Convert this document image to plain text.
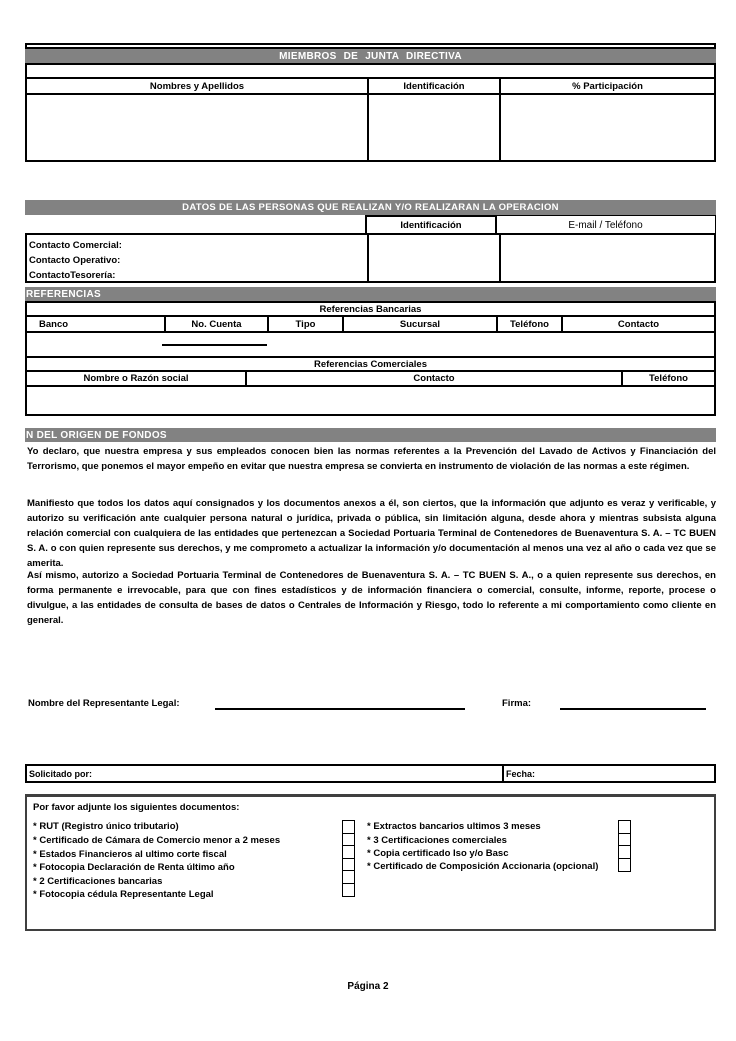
MIEMBROS DE JUNTA DIRECTIVA
Nombres y Apellidos	Identificación	% Participación
DATOS DE LAS PERSONAS QUE REALIZAN Y/O REALIZARAN LA OPERACION
Identificación	E-mail / Teléfono
Contacto Comercial:
Contacto Operativo:
ContactoTesorería:
REFERENCIAS
Referencias Bancarias
Banco	No. Cuenta	Tipo	Sucursal	Teléfono	Contacto
Referencias Comerciales
Nombre o Razón social	Contacto	Teléfono
N DEL ORIGEN DE FONDOS
Yo declaro, que nuestra empresa y sus empleados conocen bien las normas referentes a la Prevención del Lavado de Activos y Financiación del Terrorismo, que ponemos el mayor empeño en evitar que nuestra empresa se convierta en instrumento de violación de las normas a este régimen.
Manifiesto que todos los datos aquí consignados y los documentos anexos a él, son ciertos, que la información que adjunto es veraz y verificable, y autorizo su verificación ante cualquier persona natural o jurídica, privada o pública, sin limitación alguna, desde ahora y mientras subsista alguna relación comercial con cualquiera de las entidades que pertenezcan a Sociedad Portuaria Terminal de Contenedores de Buenaventura S. A. – TC BUEN S. A. o con quien represente sus derechos, y me comprometo a actualizar la información y/o documentación al menos una vez al año o cada vez que se amerita.
Así mismo, autorizo a Sociedad Portuaria Terminal de Contenedores de Buenaventura S. A. – TC BUEN S. A., o a quien represente sus derechos, en forma permanente e irrevocable, para que con fines estadísticos y de información financiera o comercial, consulte, informe, reporte, procese o divulgue, a las entidades de consulta de bases de datos o Centrales de Información y Riesgo, todo lo referente a mi comportamiento como cliente en general.
Nombre del Representante Legal:	Firma:
Solicitado por:	Fecha:
Por favor adjunte los siguientes documentos:
* RUT (Registro único tributario)
* Certificado de Cámara de Comercio menor a 2 meses
* Estados Financieros al ultimo corte fiscal
* Fotocopia Declaración de Renta último año
* 2 Certificaciones bancarias
* Fotocopia cédula Representante Legal
* Extractos bancarios ultimos 3 meses
* 3 Certificaciones comerciales
* Copia certificado Iso y/o Basc
* Certificado de Composición Accionaria (opcional)
Página 2
